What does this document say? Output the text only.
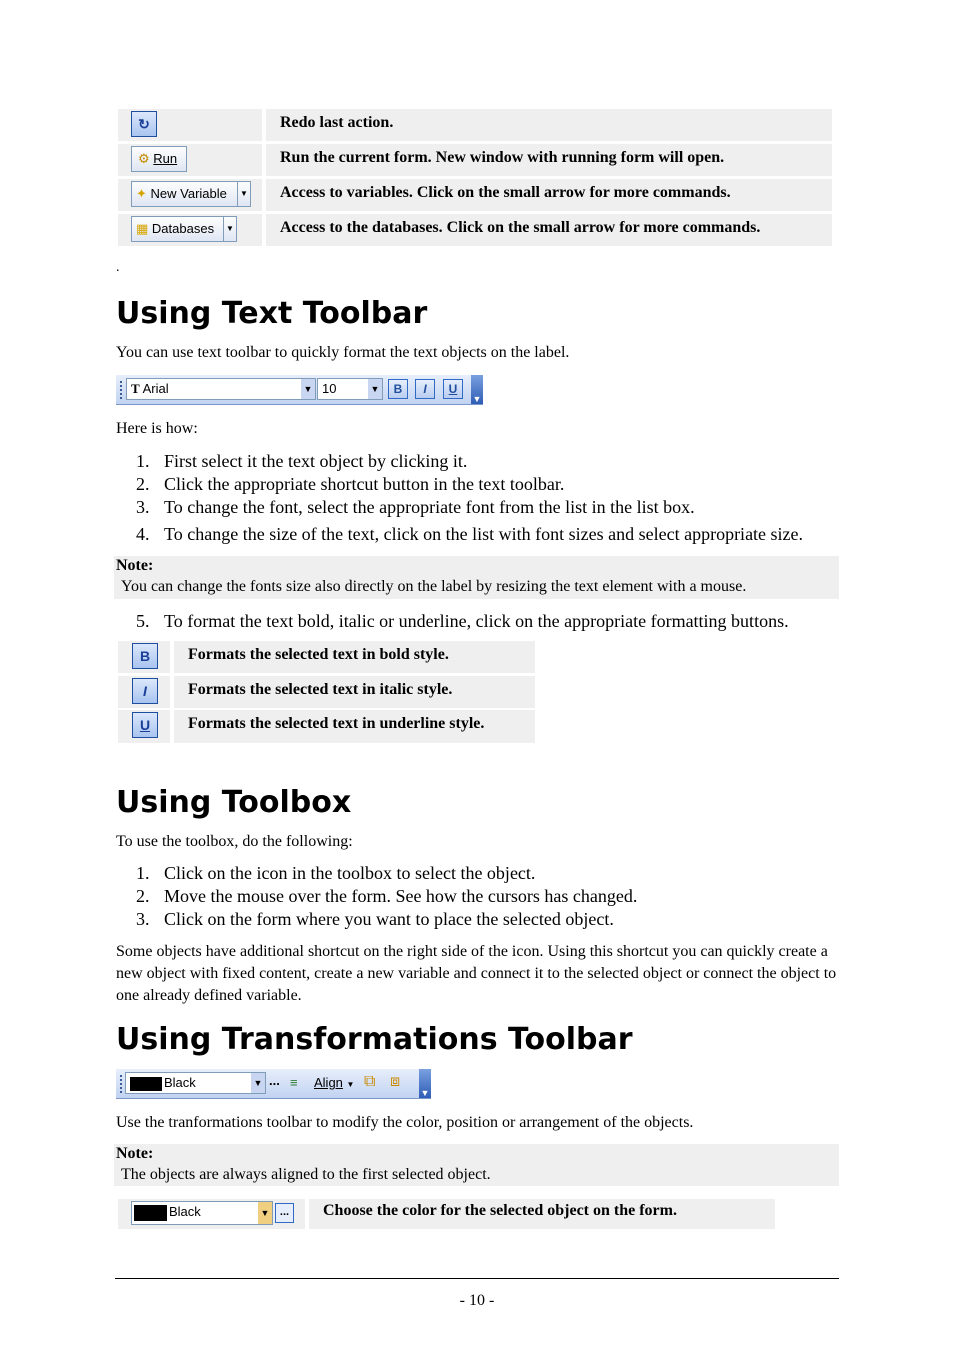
↻	Redo last action.
⚙ Run	Run the current form. New window with running form will open.
✦ New Variable	▼	Access to variables. Click on the small arrow for more commands.
▦ Databases	▼	Access to the databases. Click on the small arrow for more commands.
.
Using Text Toolbar

You can use text toolbar to quickly format the text objects on the label.

T Arial	▼ 10	▼	B	I	U
▼

Here is how:

1. First select it the text object by clicking it.
2. Click the appropriate shortcut button in the text toolbar.
3. To change the font, select the appropriate font from the list in the list box.
4. To change the size of the text, click on the list with font sizes and select appropriate size.
Note:
You can change the fonts size also directly on the label by resizing the text element with a mouse.
5. To format the text bold, italic or underline, click on the appropriate formatting buttons.
B	Formats the selected text in bold style.
I	Formats the selected text in italic style.
U	Formats the selected text in underline style.
Using Toolbox

To use the toolbox, do the following:

1. Click on the icon in the toolbox to select the object.
2. Move the mouse over the form. See how the cursors has changed.
3. Click on the form where you want to place the selected object.

Some objects have additional shortcut on the right side of the icon. Using this shortcut you can quickly create a new object with fixed content, create a new variable and connect it to the selected object or connect the object to one already defined variable.

Using Transformations Toolbar
Black	▼ ... ≡	Align ▼ ⧉ ⧈
▼

Use the tranformations toolbar to modify the color, position or arrangement of the objects.

Note:
The objects are always aligned to the first selected object.
Black	▼ ...	Choose the color for the selected object on the form.
- 10 -
